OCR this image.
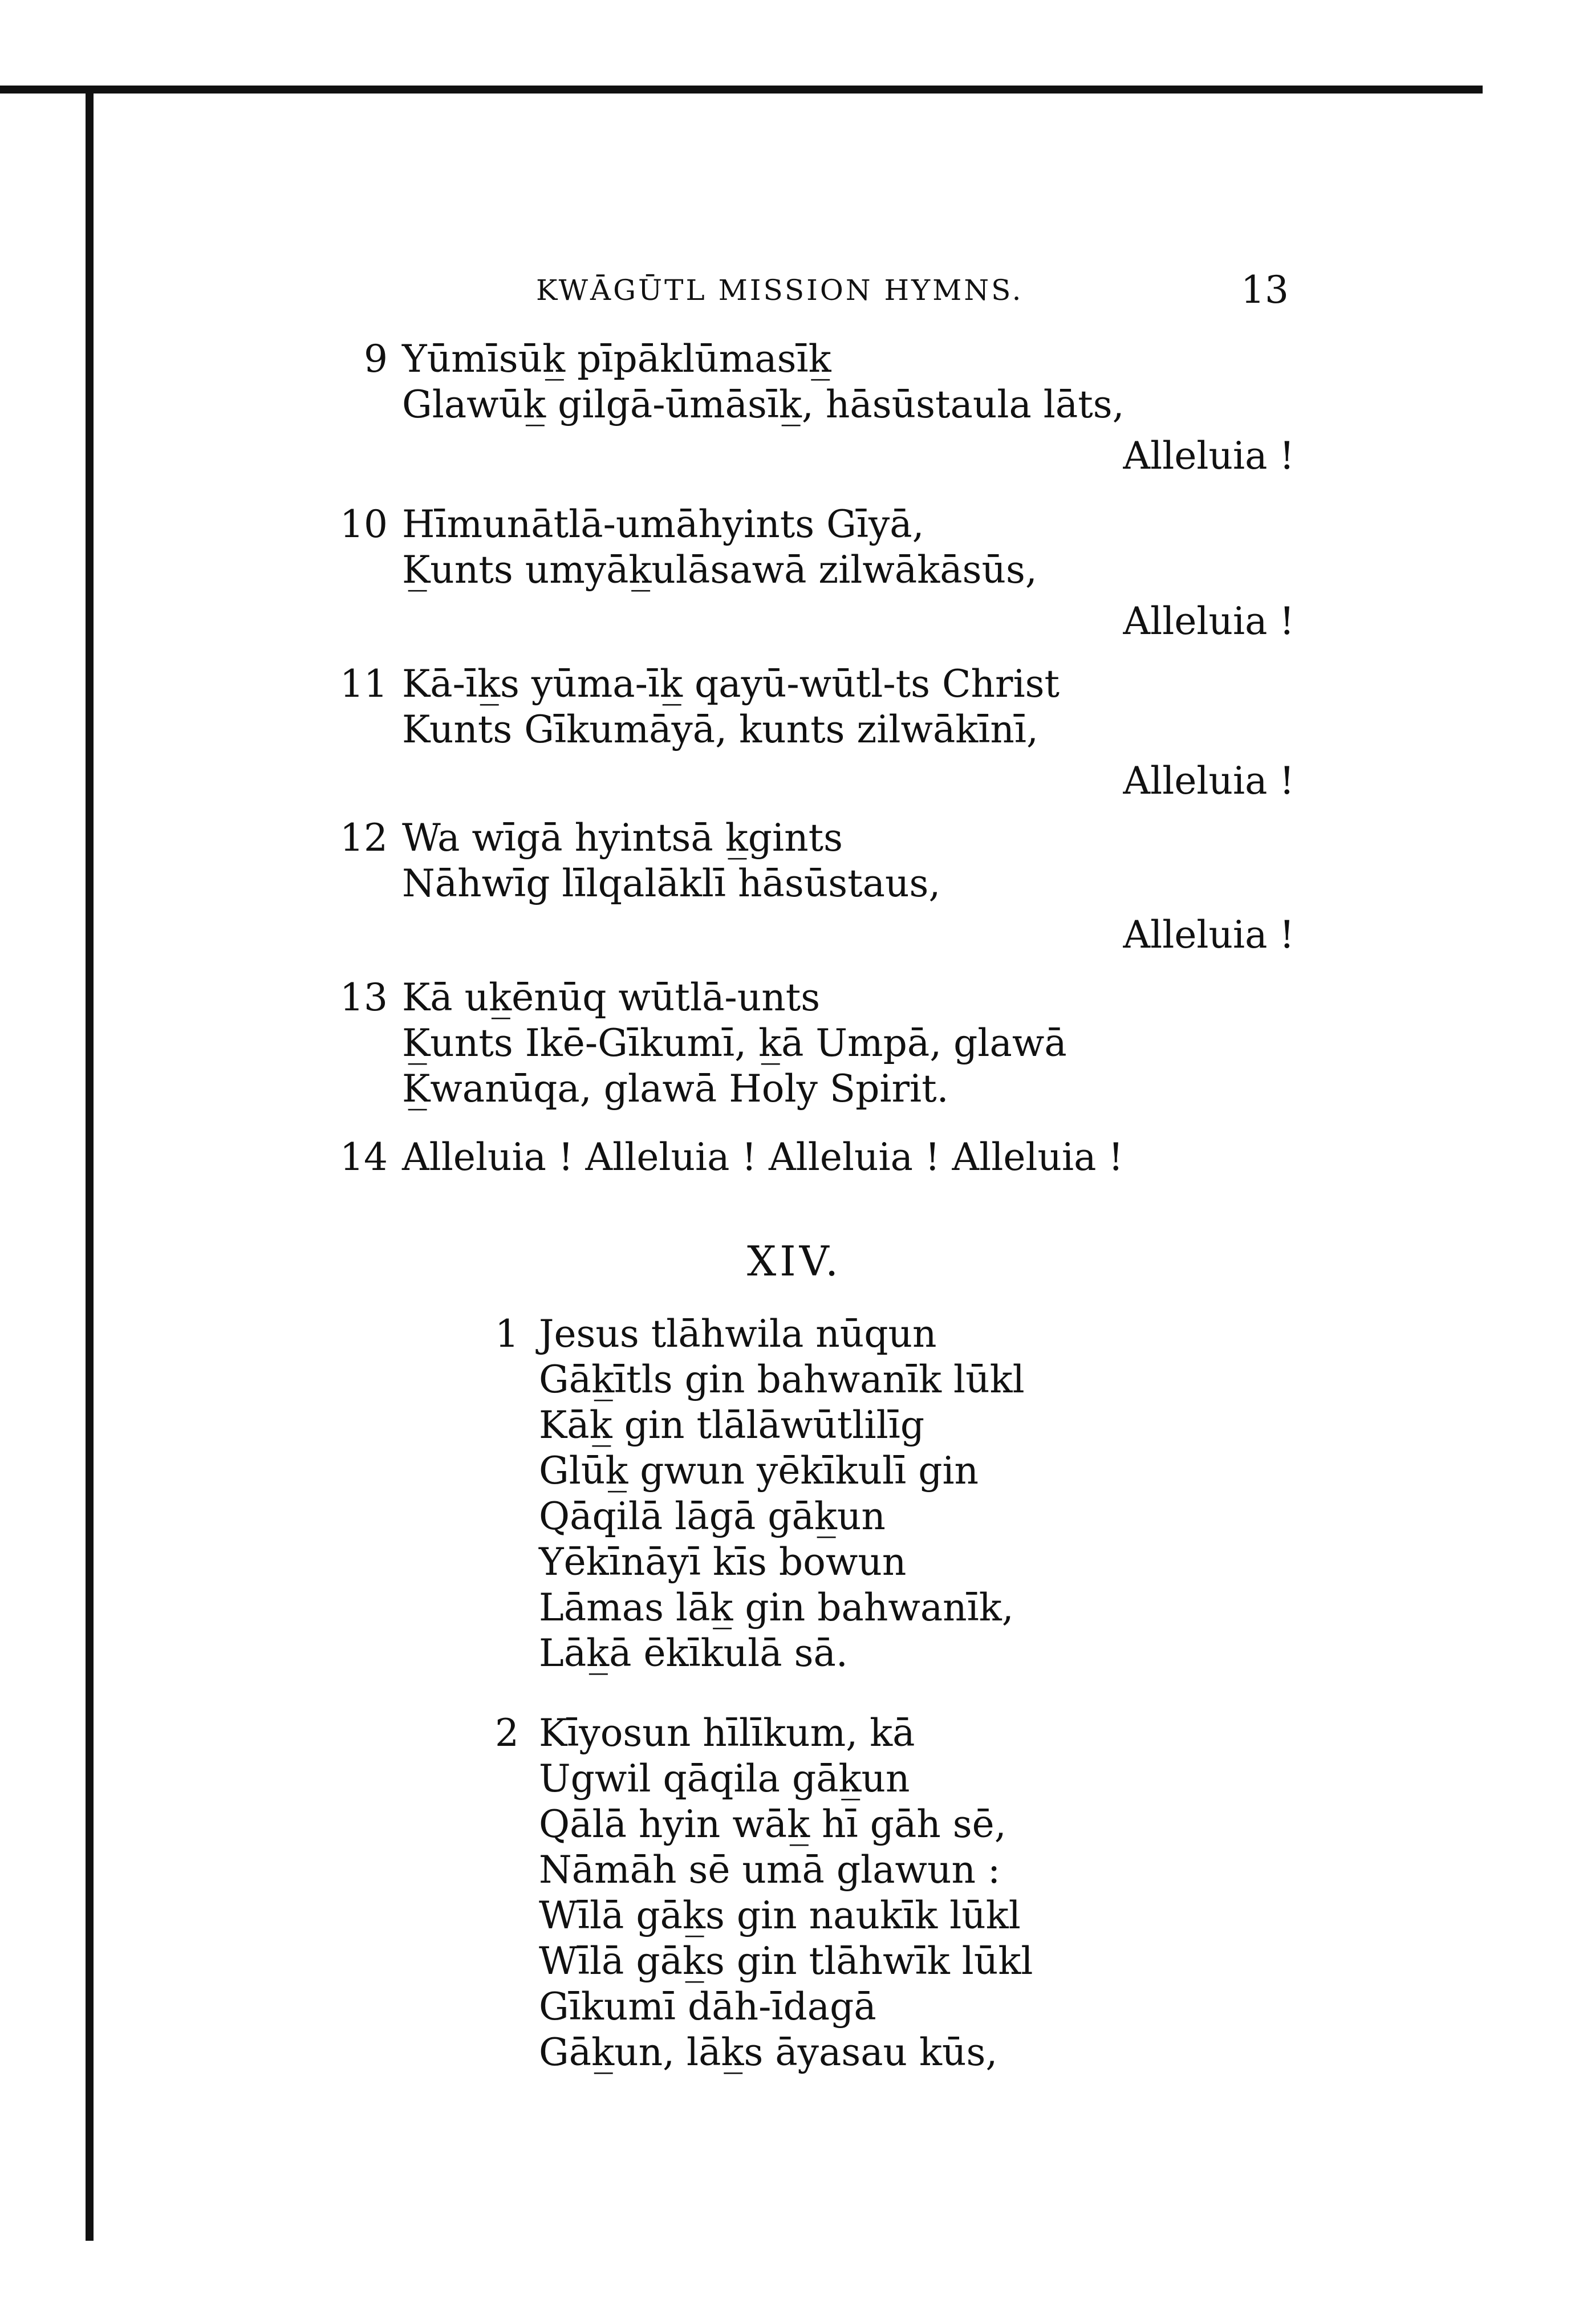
KWĀGŪTL MISSION HYMNS.	13
9 Yūmīsūk̲ pīpāklūmasīk̲
Glawūk̲ gilgā-ūmāsīk̲, hāsūstaula lāts,
Alleluia !
10 Hīmunātlā-umāhyints Gīyā,
K̲unts umyāk̲ulāsawā zilwākāsūs,
Alleluia !
11 Kā-īk̲s yūma-īk̲ qayū-wūtl-ts Christ
Kunts Gīkumāyā, kunts zilwākīnī,
Alleluia !
12 Wa wīgā hyintsā k̲gints
Nāhwīg līlqalāklī hāsūstaus,
Alleluia !
13 Kā uk̲ēnūq wūtlā-unts
K̲unts Ikē-Gīkumī, k̲ā Umpā, glawā
K̲wanūqa, glawā Holy Spirit.
14 Alleluia ! Alleluia ! Alleluia ! Alleluia !
XIV.
1 Jesus tlāhwila nūqun
Gāk̲ītls gin bahwanīk lūkl
Kāk̲ gin tlālāwūtlilīg
Glūk̲ gwun yēkīkulī gin
Qāqilā lāgā gāk̲un
Yēkīnāyī kīs bowun
Lāmas lāk̲ gin bahwanīk,
Lāk̲ā ēkīkulā sā.
2 Kīyosun hīlīkum, kā
Ugwil qāqila gāk̲un
Qālā hyin wāk̲ hī gāh sē,
Nāmāh sē umā glawun :
Wīlā gāk̲s gin naukīk lūkl
Wīlā gāk̲s gin tlāhwīk lūkl
Gīkumī dāh-īdagā
Gāk̲un, lāk̲s āyasau kūs,
